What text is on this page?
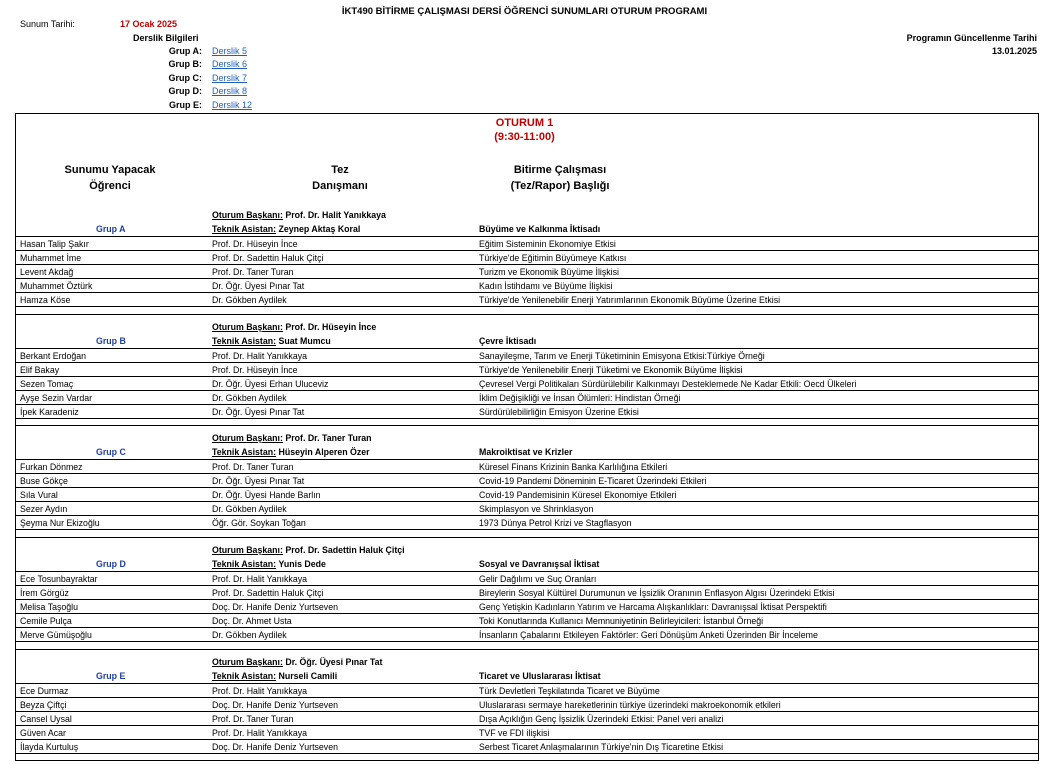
İKT490 BİTİRME ÇALIŞMASI DERSİ ÖĞRENCİ SUNUMLARI OTURUM PROGRAMI
Sunum Tarihi:	17 Ocak 2025
Derslik Bilgileri	Programın Güncellenme Tarihi
13.01.2025
Grup A: Derslik 5
Grup B: Derslik 6
Grup C: Derslik 7
Grup D: Derslik 8
Grup E: Derslik 12
OTURUM 1
(9:30-11:00)
Sunumu Yapacak
Öğrenci
Tez
Danışmanı
Bitirme Çalışması
(Tez/Rapor) Başlığı
Oturum Başkanı: Prof. Dr. Halit Yanıkkaya
Grup A	Teknik Asistan: Zeynep Aktaş Koral	Büyüme ve Kalkınma İktisadı
Hasan Talip Şakır	Prof. Dr. Hüseyin İnce	Eğitim Sisteminin Ekonomiye Etkisi
Muhammet İme	Prof. Dr. Sadettin Haluk Çitçi	Türkiye'de Eğitimin Büyümeye Katkısı
Levent Akdağ	Prof. Dr. Taner Turan	Turizm ve Ekonomik Büyüme İlişkisi
Muhammet Öztürk	Dr. Öğr. Üyesi Pınar Tat	Kadın İstihdamı ve Büyüme İlişkisi
Hamza Köse	Dr. Gökben Aydilek	Türkiye'de Yenilenebilir Enerji Yatırımlarının Ekonomik Büyüme Üzerine Etkisi
Oturum Başkanı: Prof. Dr. Hüseyin İnce
Grup B	Teknik Asistan: Suat Mumcu	Çevre İktisadı
Berkant Erdoğan	Prof. Dr. Halit Yanıkkaya	Sanayileşme, Tarım ve Enerji Tüketiminin Emisyona Etkisi:Türkiye Örneği
Elif Bakay	Prof. Dr. Hüseyin İnce	Türkiye'de Yenilenebilir Enerji Tüketimi ve Ekonomik Büyüme İlişkisi
Sezen Tomaç	Dr. Öğr. Üyesi Erhan Uluceviz	Çevresel Vergi Politikaları Sürdürülebilir Kalkınmayı Desteklemede Ne Kadar Etkili: Oecd Ülkeleri
Ayşe Sezin Vardar	Dr. Gökben Aydilek	İklim Değişikliği ve İnsan Ölümleri: Hindistan Örneği
İpek Karadeniz	Dr. Öğr. Üyesi Pınar Tat	Sürdürülebilirliğin Emisyon Üzerine Etkisi
Oturum Başkanı: Prof. Dr. Taner Turan
Grup C	Teknik Asistan: Hüseyin Alperen Özer	Makroiktisat ve Krizler
Furkan Dönmez	Prof. Dr. Taner Turan	Küresel Finans Krizinin Banka Karlılığına Etkileri
Buse Gökçe	Dr. Öğr. Üyesi Pınar Tat	Covid-19 Pandemi Döneminin E-Ticaret Üzerindeki Etkileri
Sıla Vural	Dr. Öğr. Üyesi Hande Barlın	Covid-19 Pandemisinin Küresel Ekonomiye Etkileri
Sezer Aydın	Dr. Gökben Aydilek	Skimplasyon ve Shrinklasyon
Şeyma Nur Ekizoğlu	Öğr. Gör. Soykan Toğan	1973 Dünya Petrol Krizi ve Stagflasyon
Oturum Başkanı: Prof. Dr. Sadettin Haluk Çitçi
Grup D	Teknik Asistan: Yunis Dede	Sosyal ve Davranışsal İktisat
Ece Tosunbayraktar	Prof. Dr. Halit Yanıkkaya	Gelir Dağılımı ve Suç Oranları
İrem Görgüz	Prof. Dr. Sadettin Haluk Çitçi	Bireylerin Sosyal Kültürel Durumunun ve İşsizlik Oranının Enflasyon Algısı Üzerindeki Etkisi
Melisa Taşoğlu	Doç. Dr. Hanife Deniz Yurtseven	Genç Yetişkin Kadınların Yatırım ve Harcama Alışkanlıkları: Davranışsal İktisat Perspektifi
Cemile Pulça	Doç. Dr. Ahmet Usta	Toki Konutlarında Kullanıcı Memnuniyetinin Belirleyicileri: İstanbul Örneği
Merve Gümüşoğlu	Dr. Gökben Aydilek	İnsanların Çabalarını Etkileyen Faktörler: Geri Dönüşüm Anketi Üzerinden Bir İnceleme
Oturum Başkanı: Dr. Öğr. Üyesi Pınar Tat
Grup E	Teknik Asistan: Nurseli Camili	Ticaret ve Uluslararası İktisat
Ece Durmaz	Prof. Dr. Halit Yanıkkaya	Türk Devletleri Teşkilatında Ticaret ve Büyüme
Beyza Çiftçi	Doç. Dr. Hanife Deniz Yurtseven	Uluslararası sermaye hareketlerinin türkiye üzerindeki makroekonomik etkileri
Cansel Uysal	Prof. Dr. Taner Turan	Dışa Açıklığın Genç İşsizlik Üzerindeki Etkisi: Panel veri analizi
Güven Acar	Prof. Dr. Halit Yanıkkaya	TVF ve FDI ilişkisi
İlayda Kurtuluş	Doç. Dr. Hanife Deniz Yurtseven	Serbest Ticaret Anlaşmalarının Türkiye'nin Dış Ticaretine Etkisi
